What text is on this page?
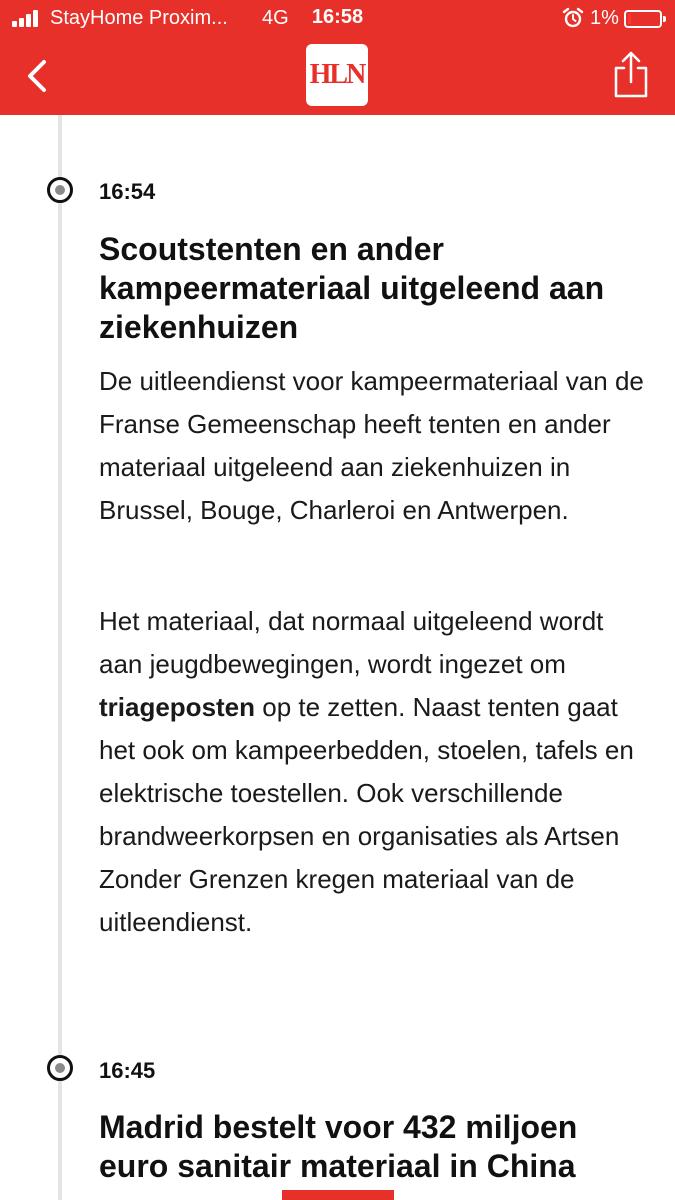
StayHome Proxim... 4G	16:58	1%
HLN
16:54
Scoutstenten en ander kampeermateriaal uitgeleend aan ziekenhuizen
De uitleendienst voor kampeermateriaal van de Franse Gemeenschap heeft tenten en ander materiaal uitgeleend aan ziekenhuizen in Brussel, Bouge, Charleroi en Antwerpen.
Het materiaal, dat normaal uitgeleend wordt aan jeugdbewegingen, wordt ingezet om triageposten op te zetten. Naast tenten gaat het ook om kampeerbedden, stoelen, tafels en elektrische toestellen. Ook verschillende brandweerkorpsen en organisaties als Artsen Zonder Grenzen kregen materiaal van de uitleendienst.
16:45
Madrid bestelt voor 432 miljoen euro sanitair materiaal in China
